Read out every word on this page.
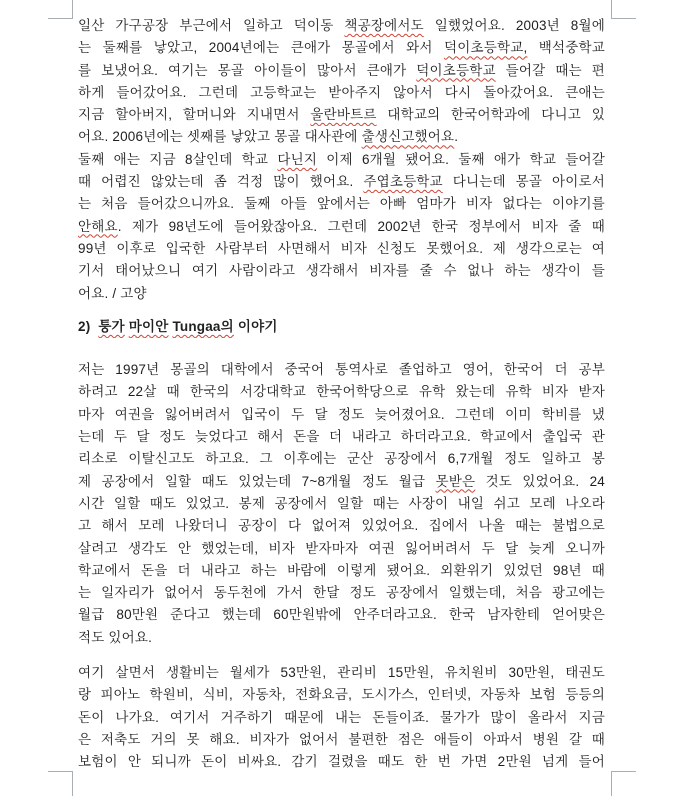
일산 가구공장 부근에서 일하고 덕이동 책공장에서도 일했었어요. 2003년 8월에
는 둘째를 낳았고, 2004년에는 큰애가 몽골에서 와서 덕이초등학교, 백석중학교
를 보냈어요. 여기는 몽골 아이들이 많아서 큰애가 덕이초등학교 들어갈 때는 편
하게 들어갔어요. 그런데 고등학교는 받아주지 않아서 다시 돌아갔어요. 큰애는
지금 할아버지, 할머니와 지내면서 울란바트르 대학교의 한국어학과에 다니고 있
어요. 2006년에는 셋째를 낳았고 몽골 대사관에 출생신고했어요.
둘째 애는 지금 8살인데 학교 다닌지 이제 6개월 됐어요. 둘째 애가 학교 들어갈
때 어렵진 않았는데 좀 걱정 많이 했어요. 주엽초등학교 다니는데 몽골 아이로서
는 처음 들어갔으니까요. 둘째 아들 앞에서는 아빠 엄마가 비자 없다는 이야기를
안해요. 제가 98년도에 들어왔잖아요. 그런데 2002년 한국 정부에서 비자 줄 때
99년 이후로 입국한 사람부터 사면해서 비자 신청도 못했어요. 제 생각으로는 여
기서 태어났으니 여기 사람이라고 생각해서 비자를 줄 수 없나 하는 생각이 들
어요. / 고양
2)  퉁가 마이안 Tungaa의 이야기
저는 1997년 몽골의 대학에서 중국어 통역사로 졸업하고 영어, 한국어 더 공부
하려고 22살 때 한국의 서강대학교 한국어학당으로 유학 왔는데 유학 비자 받자
마자 여권을 잃어버려서 입국이 두 달 정도 늦어졌어요. 그런데 이미 학비를 냈
는데 두 달 정도 늦었다고 해서 돈을 더 내라고 하더라고요. 학교에서 출입국 관
리소로 이탈신고도 하고요. 그 이후에는 군산 공장에서 6,7개월 정도 일하고 봉
제 공장에서 일할 때도 있었는데 7~8개월 정도 월급 못받은 것도 있었어요. 24
시간 일할 때도 있었고. 봉제 공장에서 일할 때는 사장이 내일 쉬고 모레 나오라
고 해서 모레 나왔더니 공장이 다 없어져 있었어요. 집에서 나올 때는 불법으로
살려고 생각도 안 했었는데, 비자 받자마자 여권 잃어버려서 두 달 늦게 오니까
학교에서 돈을 더 내라고 하는 바람에 이렇게 됐어요. 외환위기 있었던 98년 때
는 일자리가 없어서 동두천에 가서 한달 정도 공장에서 일했는데, 처음 광고에는
월급 80만원 준다고 했는데 60만원밖에 안주더라고요. 한국 남자한테 얻어맞은
적도 있어요.
여기 살면서 생활비는 월세가 53만원, 관리비 15만원, 유치원비 30만원, 태권도
랑 피아노 학원비, 식비, 자동차, 전화요금, 도시가스, 인터넷, 자동차 보험 등등의
돈이 나가요. 여기서 거주하기 때문에 내는 돈들이죠. 물가가 많이 올라서 지금
은 저축도 거의 못 해요. 비자가 없어서 불편한 점은 애들이 아파서 병원 갈 때
보험이 안 되니까 돈이 비싸요. 감기 걸렸을 때도 한 번 가면 2만원 넘게 들어
